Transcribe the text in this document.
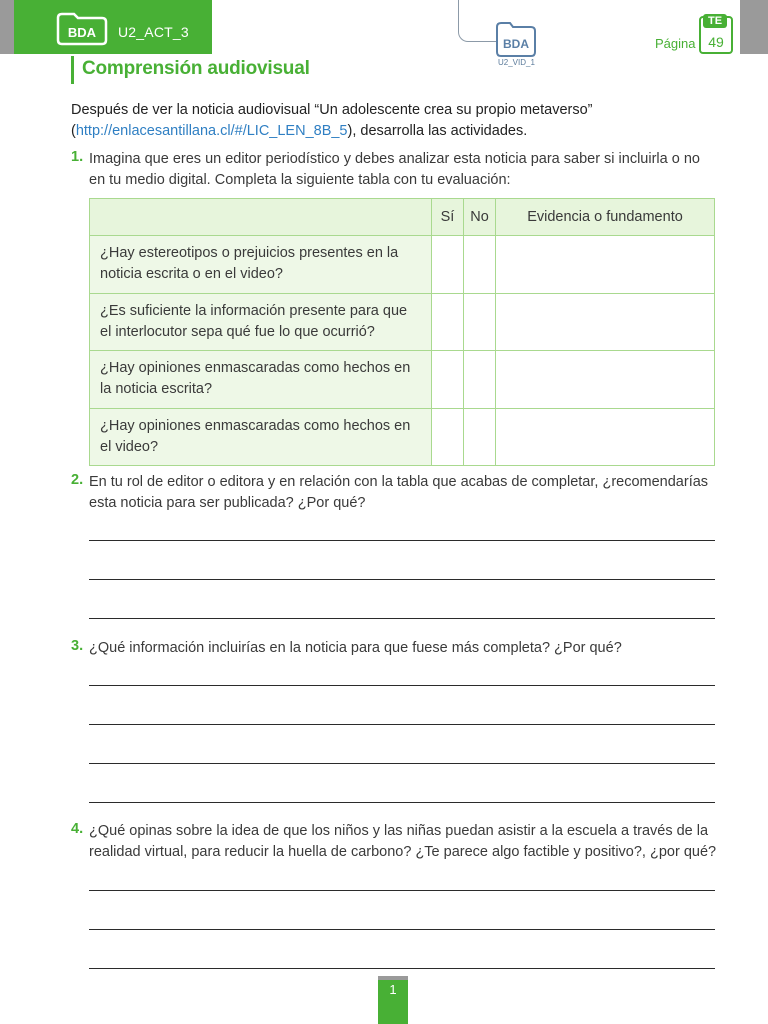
BDA U2_ACT_3
BDA
U2_VID_1
Página
TE
49
Comprensión audiovisual

Después de ver la noticia audiovisual “Un adolescente crea su propio metaverso” (http://enlacesantillana.cl/#/LIC_LEN_8B_5), desarrolla las actividades.

1. Imagina que eres un editor periodístico y debes analizar esta noticia para saber si incluirla o no en tu medio digital. Completa la siguiente tabla con tu evaluación:

	Sí	No	Evidencia o fundamento
¿Hay estereotipos o prejuicios presentes en la noticia escrita o en el video?			
¿Es suficiente la información presente para que el interlocutor sepa qué fue lo que ocurrió?			
¿Hay opiniones enmascaradas como hechos en la noticia escrita?			
¿Hay opiniones enmascaradas como hechos en el video?			
2. En tu rol de editor o editora y en relación con la tabla que acabas de completar, ¿recomendarías esta noticia para ser publicada? ¿Por qué?

3. ¿Qué información incluirías en la noticia para que fuese más completa? ¿Por qué?

4. ¿Qué opinas sobre la idea de que los niños y las niñas puedan asistir a la escuela a través de la realidad virtual, para reducir la huella de carbono? ¿Te parece algo factible y positivo?, ¿por qué?

1
